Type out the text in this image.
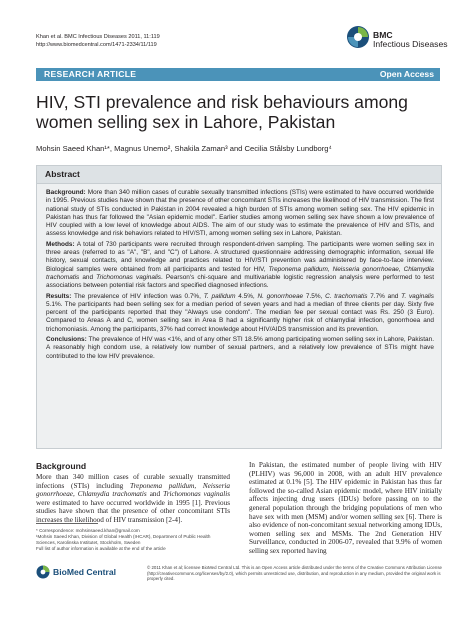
Khan et al. BMC Infectious Diseases 2011, 11:119
http://www.biomedcentral.com/1471-2334/11/119
BMC
Infectious Diseases
RESEARCH ARTICLE	Open Access
HIV, STI prevalence and risk behaviours among women selling sex in Lahore, Pakistan
Mohsin Saeed Khan¹*, Magnus Unemo², Shakila Zaman³ and Cecilia Stålsby Lundborg⁴
Abstract

Background: More than 340 million cases of curable sexually transmitted infections (STIs) were estimated to have occurred worldwide in 1995. Previous studies have shown that the presence of other concomitant STIs increases the likelihood of HIV transmission. The first national study of STIs conducted in Pakistan in 2004 revealed a high burden of STIs among women selling sex. The HIV epidemic in Pakistan has thus far followed the "Asian epidemic model". Earlier studies among women selling sex have shown a low prevalence of HIV coupled with a low level of knowledge about AIDS. The aim of our study was to estimate the prevalence of HIV and STIs, and assess knowledge and risk behaviors related to HIV/STI, among women selling sex in Lahore, Pakistan.

Methods: A total of 730 participants were recruited through respondent-driven sampling. The participants were women selling sex in three areas (referred to as "A", "B", and "C") of Lahore. A structured questionnaire addressing demographic information, sexual life history, sexual contacts, and knowledge and practices related to HIV/STI prevention was administered by face-to-face interview. Biological samples were obtained from all participants and tested for HIV, Treponema pallidum, Neisseria gonorrhoeae, Chlamydia trachomatis and Trichomonas vaginalis. Pearson's chi-square and multivariable logistic regression analysis were performed to test associations between potential risk factors and specified diagnosed infections.

Results: The prevalence of HIV infection was 0.7%, T. pallidum 4.5%, N. gonorrhoeae 7.5%, C. trachomatis 7.7% and T. vaginalis 5.1%. The participants had been selling sex for a median period of seven years and had a median of three clients per day. Sixty five percent of the participants reported that they "Always use condom". The median fee per sexual contact was Rs. 250 (3 Euro). Compared to Areas A and C, women selling sex in Area B had a significantly higher risk of chlamydial infection, gonorrhoea and trichomoniasis. Among the participants, 37% had correct knowledge about HIV/AIDS transmission and its prevention.

Conclusions: The prevalence of HIV was <1%, and of any other STI 18.5% among participating women selling sex in Lahore, Pakistan. A reasonably high condom use, a relatively low number of sexual partners, and a relatively low prevalence of STIs might have contributed to the low HIV prevalence.

Background
More than 340 million cases of curable sexually transmitted infections (STIs) including Treponema pallidum, Neisseria gonorrhoeae, Chlamydia trachomatis and Trichomonas vaginalis were estimated to have occurred worldwide in 1995 [1]. Previous studies have shown that the presence of other concomitant STIs increases the likelihood of HIV transmission [2-4].
* Correspondence: mohsinsaeed.khan@gmail.com
¹Mohsin Saeed Khan, Division of Global Health (IHCAR), Department of Public Health Sciences, Karolinska Institutet, Stockholm, Sweden
Full list of author information is available at the end of the article
In Pakistan, the estimated number of people living with HIV (PLHIV) was 96,000 in 2008, with an adult HIV prevalence estimated at 0.1% [5]. The HIV epidemic in Pakistan has thus far followed the so-called Asian epidemic model, where HIV initially affects injecting drug users (IDUs) before passing on to the general population through the bridging populations of men who have sex with men (MSM) and/or women selling sex [6]. There is also evidence of non-concomitant sexual networking among IDUs, women selling sex and MSMs. The 2nd Generation HIV Surveillance, conducted in 2006-07, revealed that 9.9% of women selling sex reported having
BioMed Central	© 2011 Khan et al; licensee BioMed Central Ltd. This is an Open Access article distributed under the terms of the Creative Commons Attribution License (http://creativecommons.org/licenses/by/2.0), which permits unrestricted use, distribution, and reproduction in any medium, provided the original work is properly cited.
